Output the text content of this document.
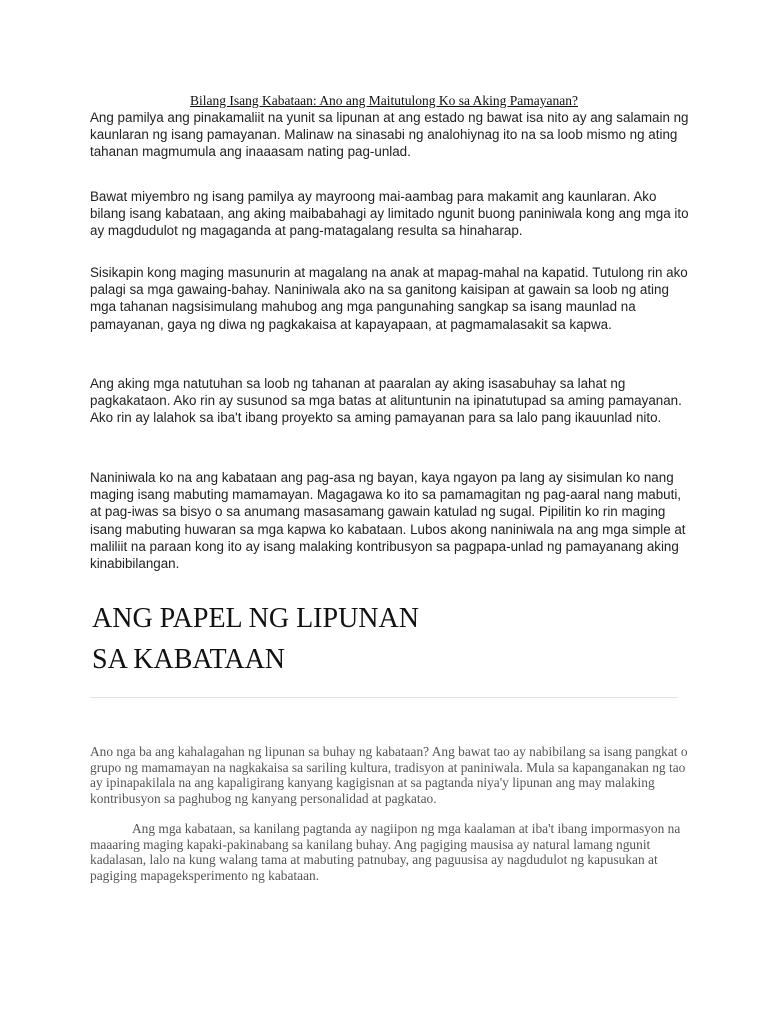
Bilang Isang Kabataan: Ano ang Maitutulong Ko sa Aking Pamayanan?

Ang pamilya ang pinakamaliit na yunit sa lipunan at ang estado ng bawat isa nito ay ang salamain ng kaunlaran ng isang pamayanan. Malinaw na sinasabi ng analohiynag ito na sa loob mismo ng ating tahanan magmumula ang inaaasam nating pag-unlad.

Bawat miyembro ng isang pamilya ay mayroong mai-aambag para makamit ang kaunlaran. Ako bilang isang kabataan, ang aking maibabahagi ay limitado ngunit buong paniniwala kong ang mga ito ay magdudulot ng magaganda at pang-matagalang resulta sa hinaharap.

Sisikapin kong maging masunurin at magalang na anak at mapag-mahal na kapatid. Tutulong rin ako palagi sa mga gawaing-bahay. Naniniwala ako na sa ganitong kaisipan at gawain sa loob ng ating mga tahanan nagsisimulang mahubog ang mga pangunahing sangkap sa isang maunlad na pamayanan, gaya ng diwa ng pagkakaisa at kapayapaan, at pagmamalasakit sa kapwa.

Ang aking mga natutuhan sa loob ng tahanan at paaralan ay aking isasabuhay sa lahat ng pagkakataon. Ako rin ay susunod sa mga batas at alituntunin na ipinatutupad sa aming pamayanan. Ako rin ay lalahok sa iba't ibang proyekto sa aming pamayanan para sa lalo pang ikauunlad nito.

Naniniwala ko na ang kabataan ang pag-asa ng bayan, kaya ngayon pa lang ay sisimulan ko nang maging isang mabuting mamamayan. Magagawa ko ito sa pamamagitan ng pag-aaral nang mabuti, at pag-iwas sa bisyo o sa anumang masasamang gawain katulad ng sugal. Pipilitin ko rin maging isang mabuting huwaran sa mga kapwa ko kabataan. Lubos akong naniniwala na ang mga simple at maliliit na paraan kong ito ay isang malaking kontribusyon sa pagpapa-unlad ng pamayanang aking kinabibilangan.

ANG PAPEL NG LIPUNAN
SA KABATAAN

Ano nga ba ang kahalagahan ng lipunan sa buhay ng kabataan? Ang bawat tao ay nabibilang sa isang pangkat o grupo ng mamamayan na nagkakaisa sa sariling kultura, tradisyon at paniniwala. Mula sa kapanganakan ng tao ay ipinapakilala na ang kapaligirang kanyang kagigisnan at sa pagtanda niya'y lipunan ang may malaking kontribusyon sa paghubog ng kanyang personalidad at pagkatao.

Ang mga kabataan, sa kanilang pagtanda ay nagiipon ng mga kaalaman at iba't ibang impormasyon na maaaring maging kapaki-pakinabang sa kanilang buhay. Ang pagiging mausisa ay natural lamang ngunit kadalasan, lalo na kung walang tama at mabuting patnubay, ang paguusisa ay nagdudulot ng kapusukan at pagiging mapageksperimento ng kabataan.
